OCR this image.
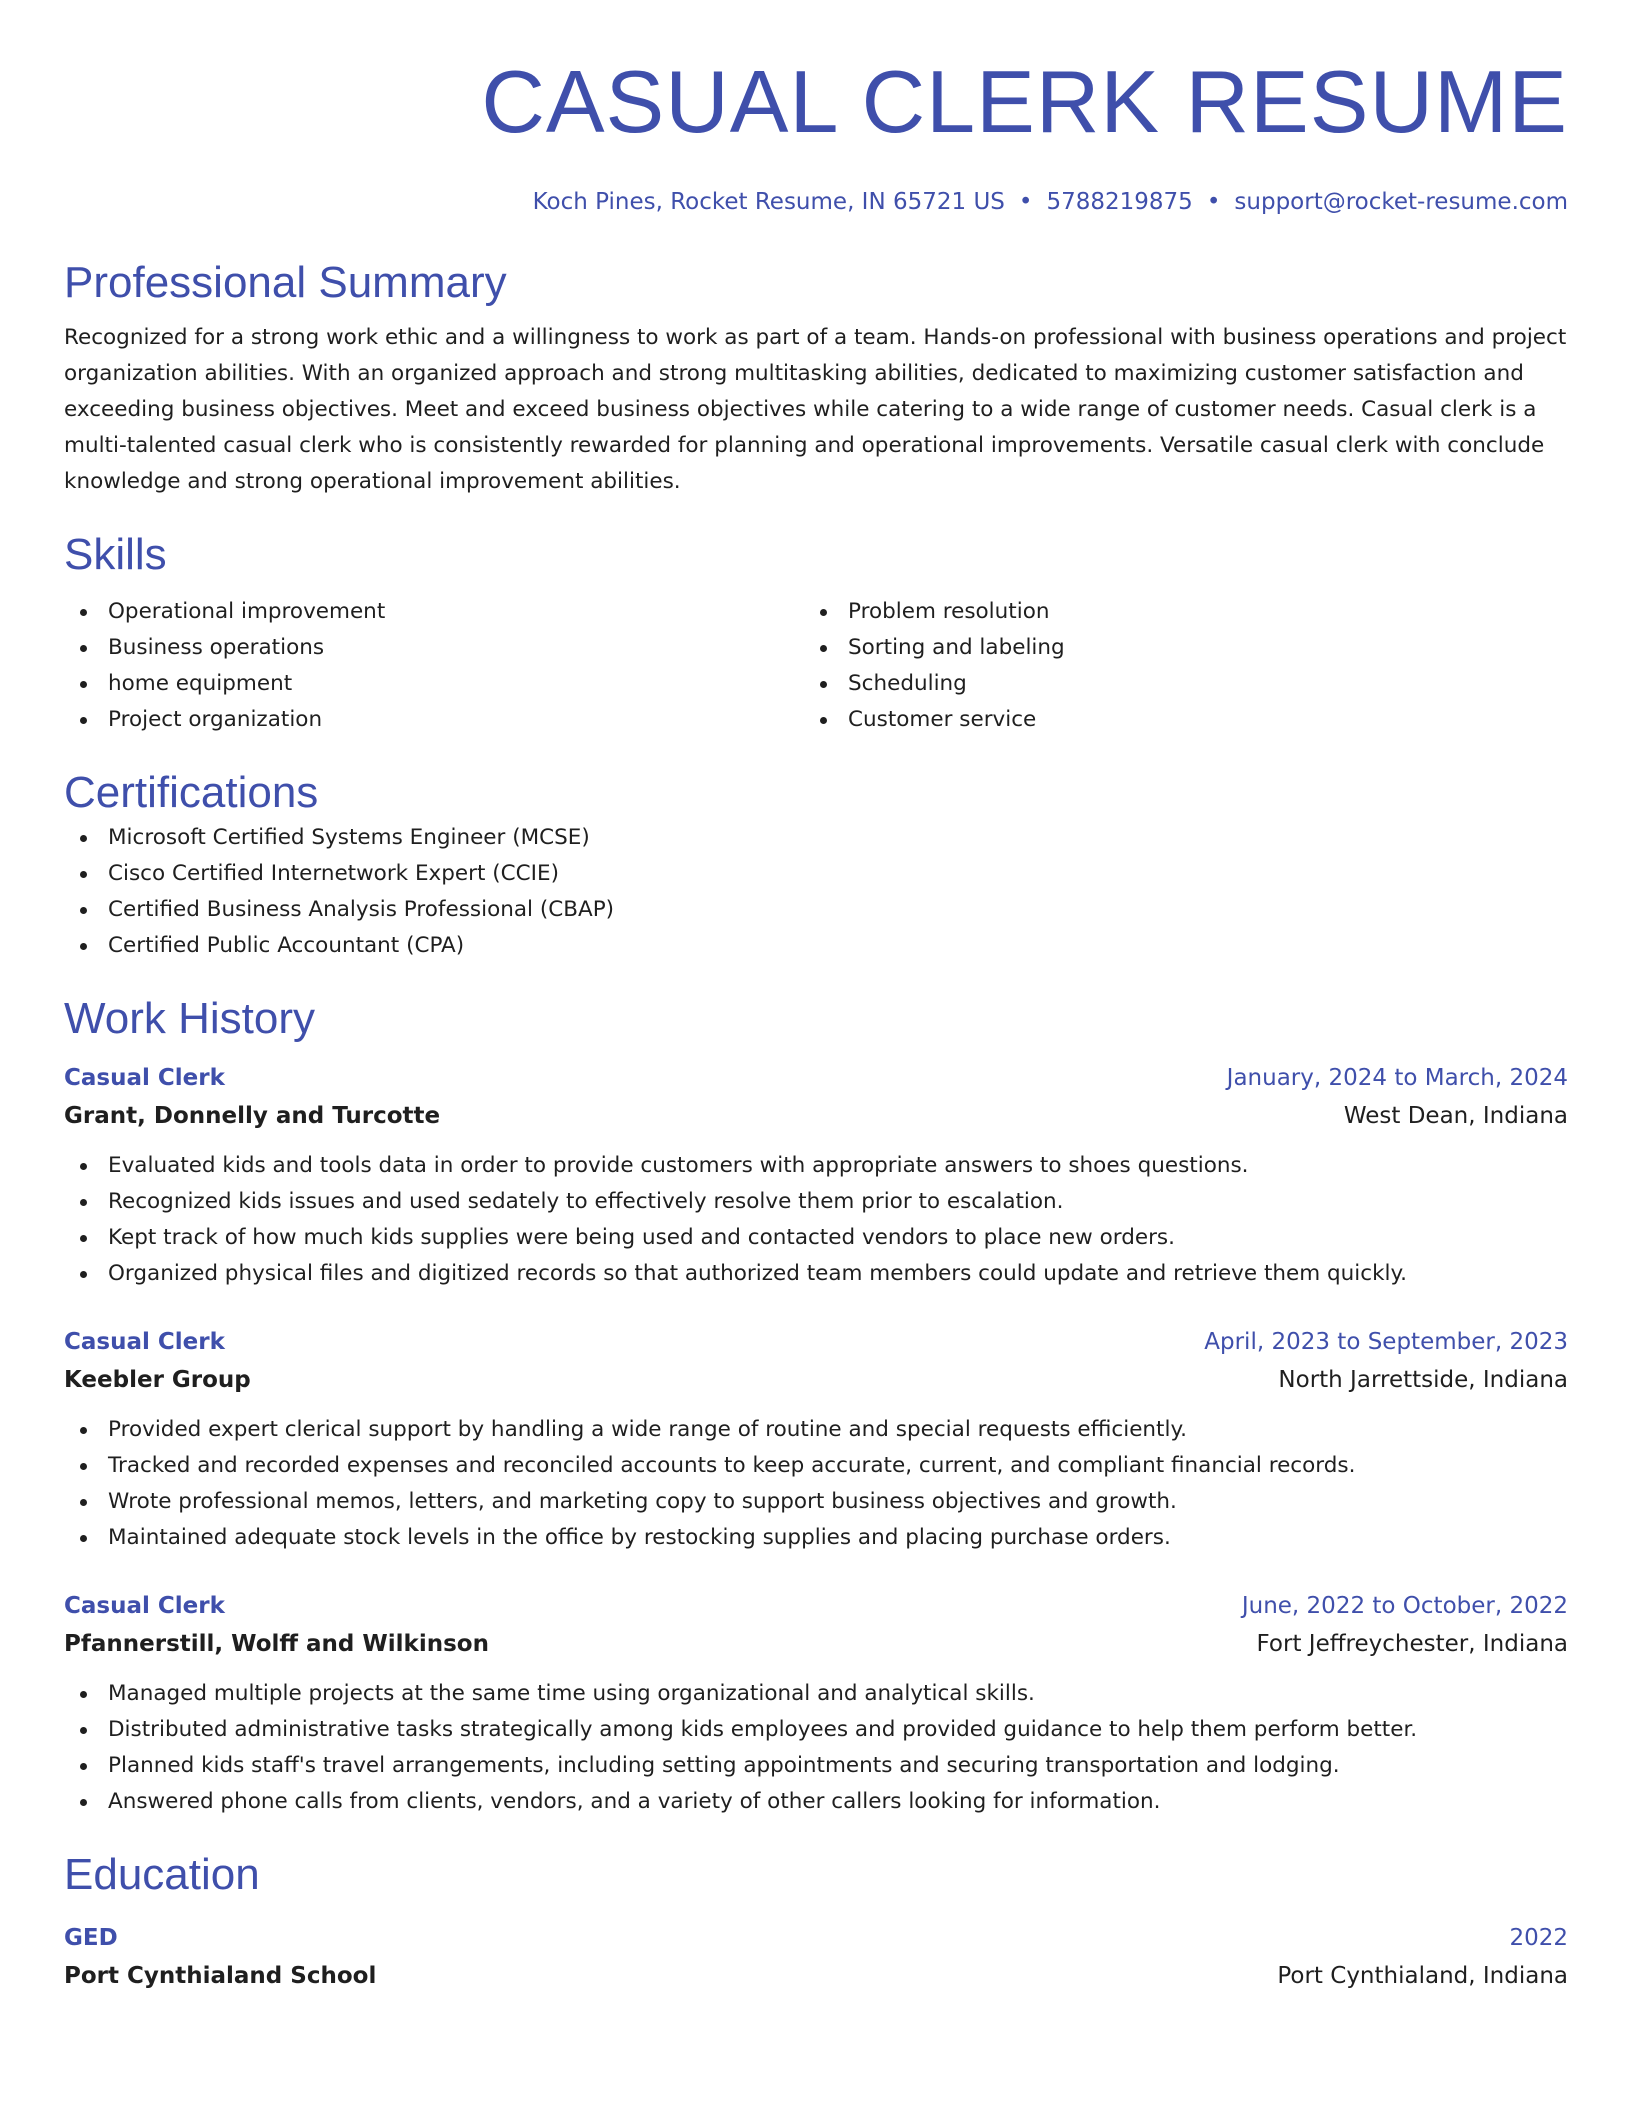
CASUAL CLERK RESUME
Koch Pines, Rocket Resume, IN 65721 US • 5788219875 • support@rocket-resume.com
Professional Summary

Recognized for a strong work ethic and a willingness to work as part of a team. Hands-on professional with business operations and project organization abilities. With an organized approach and strong multitasking abilities, dedicated to maximizing customer satisfaction and exceeding business objectives. Meet and exceed business objectives while catering to a wide range of customer needs. Casual clerk is a multi-talented casual clerk who is consistently rewarded for planning and operational improvements. Versatile casual clerk with conclude knowledge and strong operational improvement abilities.

Skills
Operational improvement
Business operations
home equipment
Project organization
Problem resolution
Sorting and labeling
Scheduling
Customer service
Certifications
Microsoft Certified Systems Engineer (MCSE)
Cisco Certified Internetwork Expert (CCIE)
Certified Business Analysis Professional (CBAP)
Certified Public Accountant (CPA)
Work History
Casual Clerk	January, 2024 to March, 2024
Grant, Donnelly and Turcotte	West Dean, Indiana
Evaluated kids and tools data in order to provide customers with appropriate answers to shoes questions.
Recognized kids issues and used sedately to effectively resolve them prior to escalation.
Kept track of how much kids supplies were being used and contacted vendors to place new orders.
Organized physical files and digitized records so that authorized team members could update and retrieve them quickly.
Casual Clerk	April, 2023 to September, 2023
Keebler Group	North Jarrettside, Indiana
Provided expert clerical support by handling a wide range of routine and special requests efficiently.
Tracked and recorded expenses and reconciled accounts to keep accurate, current, and compliant financial records.
Wrote professional memos, letters, and marketing copy to support business objectives and growth.
Maintained adequate stock levels in the office by restocking supplies and placing purchase orders.
Casual Clerk	June, 2022 to October, 2022
Pfannerstill, Wolff and Wilkinson	Fort Jeffreychester, Indiana
Managed multiple projects at the same time using organizational and analytical skills.
Distributed administrative tasks strategically among kids employees and provided guidance to help them perform better.
Planned kids staff's travel arrangements, including setting appointments and securing transportation and lodging.
Answered phone calls from clients, vendors, and a variety of other callers looking for information.
Education
GED	2022
Port Cynthialand School	Port Cynthialand, Indiana
